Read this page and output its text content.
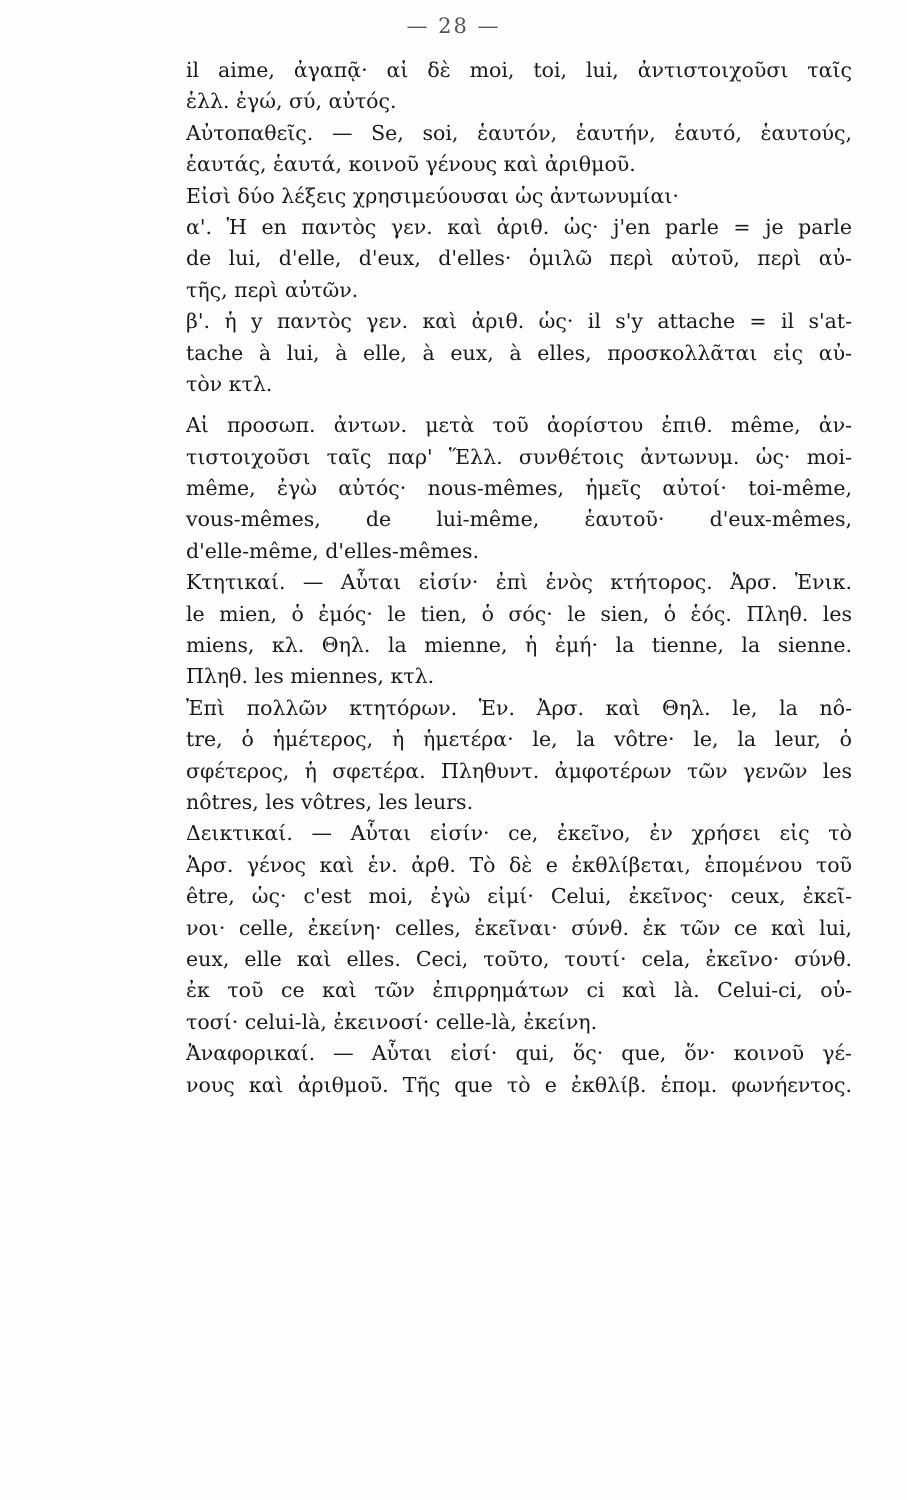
— 28 —
il aime, ἀγαπᾷ· αἱ δὲ moi, toi, lui, ἀντιστοιχοῦσι ταῖς
ἑλλ. ἐγώ, σύ, αὐτός.
Αὐτοπαθεῖς. — Se, soi, ἑαυτόν, ἑαυτήν, ἑαυτό, ἑαυτούς,
ἑαυτάς, ἑαυτά, κοινοῦ γένους καὶ ἀριθμοῦ.
Εἰσὶ δύο λέξεις χρησιμεύουσαι ὡς ἀντωνυμίαι·
α'. Ἡ en παντὸς γεν. καὶ ἀριθ. ὡς· j'en parle = je parle
de lui, d'elle, d'eux, d'elles· ὁμιλῶ περὶ αὐτοῦ, περὶ αὐ-
τῆς, περὶ αὐτῶν.
β'. ἡ y παντὸς γεν. καὶ ἀριθ. ὡς· il s'y attache = il s'at-
tache à lui, à elle, à eux, à elles, προσκολλᾶται εἰς αὐ-
τὸν κτλ.
Αἱ προσωπ. ἀντων. μετὰ τοῦ ἀορίστου ἐπιθ. même, ἀν-
τιστοιχοῦσι ταῖς παρ' Ἕλλ. συνθέτοις ἀντωνυμ. ὡς· moi-
même, ἐγὼ αὐτός· nous-mêmes, ἡμεῖς αὐτοί· toi-même,
vous-mêmes, de lui-même, ἑαυτοῦ· d'eux-mêmes,
d'elle-même, d'elles-mêmes.
Κτητικαί. — Αὗται εἰσίν· ἐπὶ ἑνὸς κτήτορος. Ἀρσ. Ἑνικ.
le mien, ὁ ἐμός· le tien, ὁ σός· le sien, ὁ ἑός. Πληθ. les
miens, κλ. Θηλ. la mienne, ἡ ἐμή· la tienne, la sienne.
Πληθ. les miennes, κτλ.
Ἐπὶ πολλῶν κτητόρων. Ἑν. Ἀρσ. καὶ Θηλ. le, la nô-
tre, ὁ ἡμέτερος, ἡ ἡμετέρα· le, la vôtre· le, la leur, ὁ
σφέτερος, ἡ σφετέρα. Πληθυντ. ἀμφοτέρων τῶν γενῶν les
nôtres, les vôtres, les leurs.
Δεικτικαί. — Αὗται εἰσίν· ce, ἐκεῖνο, ἐν χρήσει εἰς τὸ
Ἀρσ. γένος καὶ ἑν. ἀρθ. Τὸ δὲ e ἐκθλίβεται, ἑπομένου τοῦ
être, ὡς· c'est moi, ἐγὼ εἰμί· Celui, ἐκεῖνος· ceux, ἐκεῖ-
νοι· celle, ἐκείνη· celles, ἐκεῖναι· σύνθ. ἐκ τῶν ce καὶ lui,
eux, elle καὶ elles. Ceci, τοῦτο, τουτί· cela, ἐκεῖνο· σύνθ.
ἐκ τοῦ ce καὶ τῶν ἐπιρρημάτων ci καὶ là. Celui-ci, οὑ-
τοσί· celui-là, ἐκεινοσί· celle-là, ἐκείνη.
Ἀναφορικαί. — Αὗται εἰσί· qui, ὅς· que, ὅν· κοινοῦ γέ-
νους καὶ ἀριθμοῦ. Τῆς que τὸ e ἐκθλίβ. ἑπομ. φωνήεντος.
